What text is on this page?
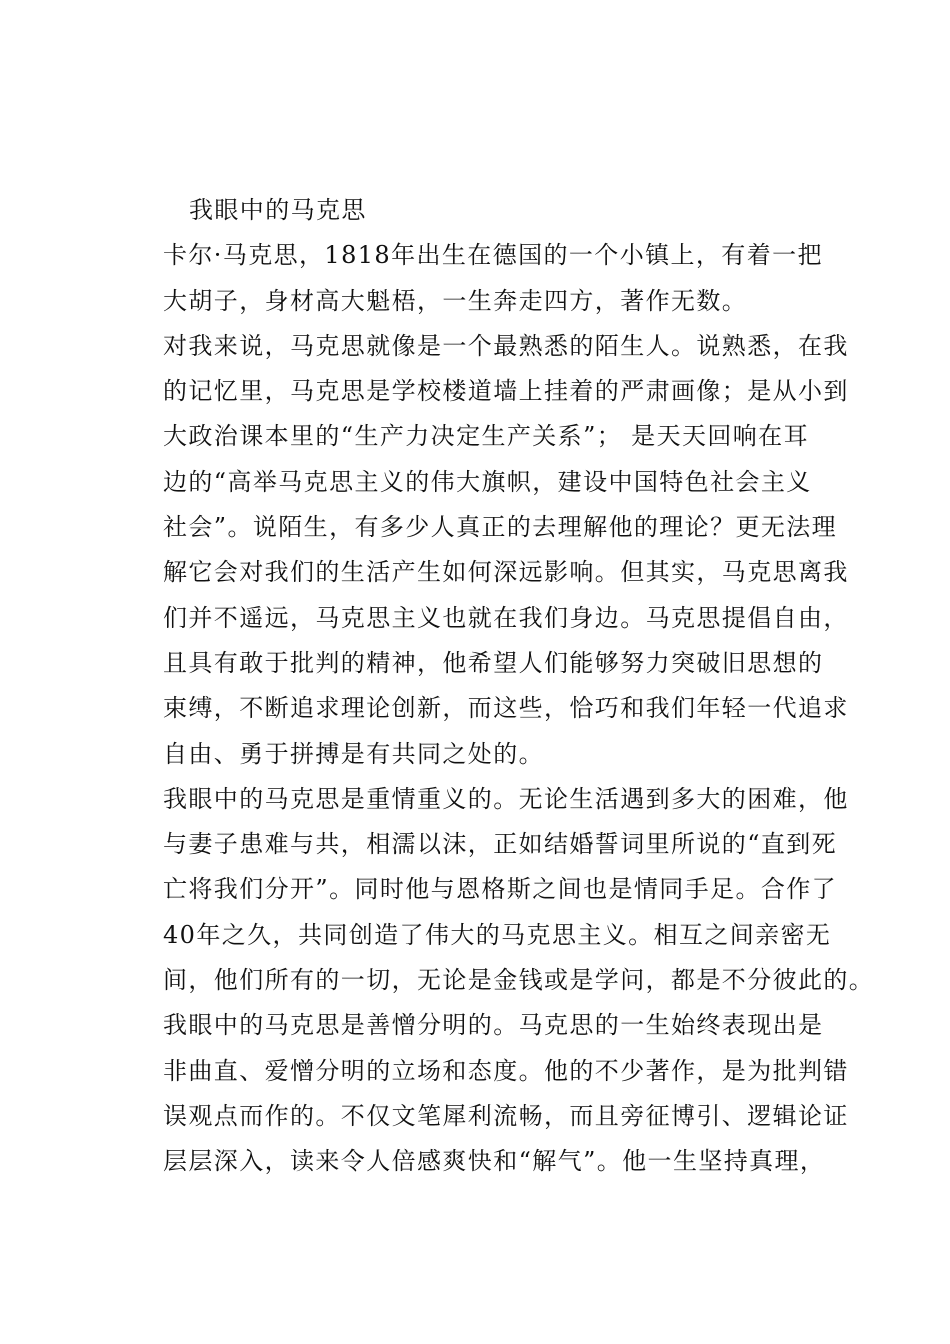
我眼中的马克思
卡尔·马克思，1818年出生在德国的一个小镇上，有着一把
大胡子，身材高大魁梧，一生奔走四方，著作无数。
对我来说，马克思就像是一个最熟悉的陌生人。说熟悉，在我
的记忆里，马克思是学校楼道墙上挂着的严肃画像；是从小到
大政治课本里的“生产力决定生产关系”； 是天天回响在耳
边的“高举马克思主义的伟大旗帜，建设中国特色社会主义
社会”。说陌生，有多少人真正的去理解他的理论？更无法理
解它会对我们的生活产生如何深远影响。但其实，马克思离我
们并不遥远，马克思主义也就在我们身边。马克思提倡自由，
且具有敢于批判的精神，他希望人们能够努力突破旧思想的
束缚，不断追求理论创新，而这些，恰巧和我们年轻一代追求
自由、勇于拼搏是有共同之处的。
我眼中的马克思是重情重义的。无论生活遇到多大的困难，他
与妻子患难与共，相濡以沫，正如结婚誓词里所说的“直到死
亡将我们分开”。同时他与恩格斯之间也是情同手足。合作了
40年之久，共同创造了伟大的马克思主义。相互之间亲密无
间，他们所有的一切，无论是金钱或是学问，都是不分彼此的。
我眼中的马克思是善憎分明的。马克思的一生始终表现出是
非曲直、爱憎分明的立场和态度。他的不少著作，是为批判错
误观点而作的。不仅文笔犀利流畅，而且旁征博引、逻辑论证
层层深入，读来令人倍感爽快和“解气”。他一生坚持真理，
